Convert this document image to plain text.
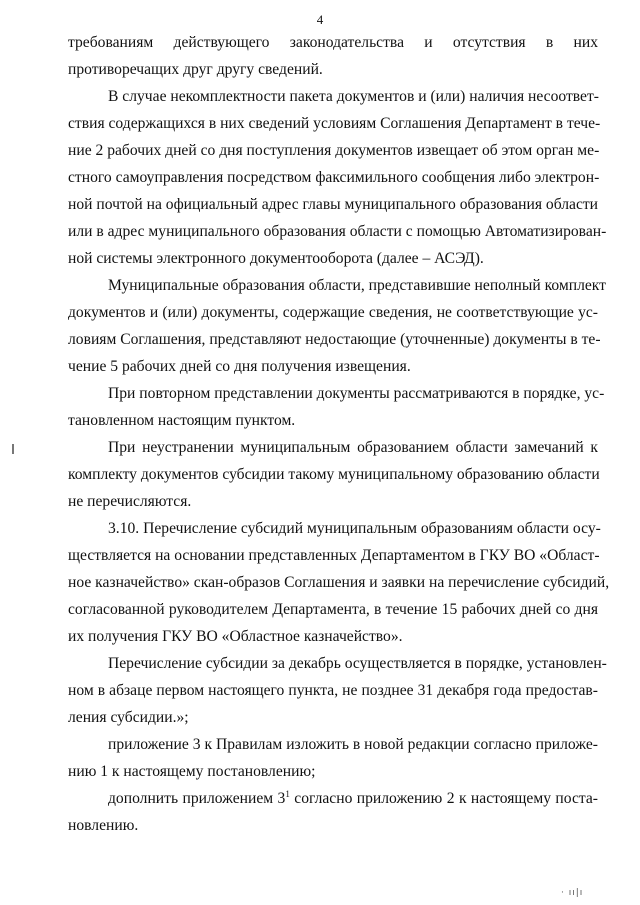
4
требованиям действующего законодательства и отсутствия в них
противоречащих друг другу сведений.
В случае некомплектности пакета документов и (или) наличия несоответ-
ствия содержащихся в них сведений условиям Соглашения Департамент в тече-
ние 2 рабочих дней со дня поступления документов извещает об этом орган ме-
стного самоуправления посредством факсимильного сообщения либо электрон-
ной почтой на официальный адрес главы муниципального образования области
или в адрес муниципального образования области с помощью Автоматизирован-
ной системы электронного документооборота (далее – АСЭД).
Муниципальные образования области, представившие неполный комплект
документов и (или) документы, содержащие сведения, не соответствующие ус-
ловиям Соглашения, представляют недостающие (уточненные) документы в те-
чение 5 рабочих дней со дня получения извещения.
При повторном представлении документы рассматриваются в порядке, ус-
тановленном настоящим пунктом.
При неустранении муниципальным образованием области замечаний к
комплекту документов субсидии такому муниципальному образованию области
не перечисляются.
3.10. Перечисление субсидий муниципальным образованиям области осу-
ществляется на основании представленных Департаментом в ГКУ ВО «Област-
ное казначейство» скан-образов Соглашения и заявки на перечисление субсидий,
согласованной руководителем Департамента, в течение 15 рабочих дней со дня
их получения ГКУ ВО «Областное казначейство».
Перечисление субсидии за декабрь осуществляется в порядке, установлен-
ном в абзаце первом настоящего пункта, не позднее 31 декабря года предостав-
ления субсидии.»;
приложение 3 к Правилам изложить в новой редакции согласно приложе-
нию 1 к настоящему постановлению;
дополнить приложением $3^1$ согласно приложению 2 к настоящему поста-
новлению.
· ıı|ı
